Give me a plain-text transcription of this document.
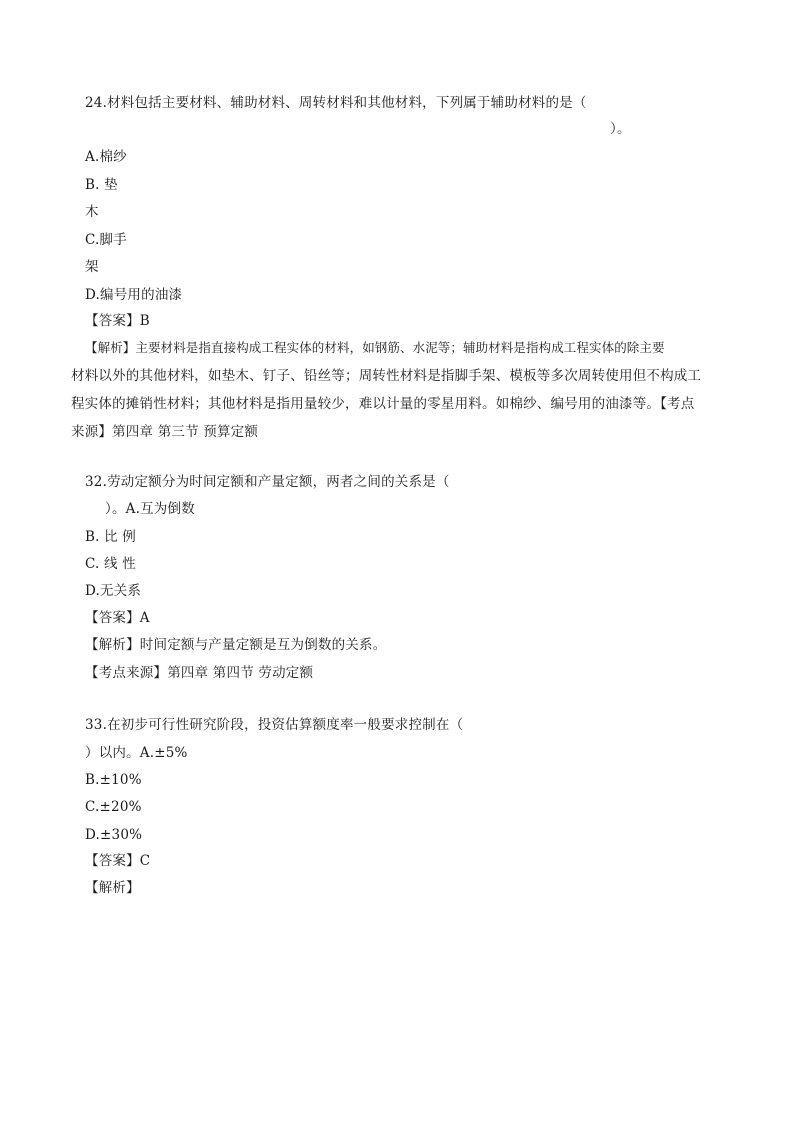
24.材料包括主要材料、辅助材料、周转材料和其他材料，下列属于辅助材料的是（
）。
A.棉纱
B. 垫
木
C.脚手
架
D.编号用的油漆
【答案】B
【解析】主要材料是指直接构成工程实体的材料，如钢筋、水泥等；辅助材料是指构成工程实体的除主要
材料以外的其他材料，如垫木、钉子、铅丝等；周转性材料是指脚手架、模板等多次周转使用但不构成工
程实体的摊销性材料；其他材料是指用量较少，难以计量的零星用料。如棉纱、编号用的油漆等。【考点
来源】第四章 第三节 预算定额
32.劳动定额分为时间定额和产量定额，两者之间的关系是（
）。A.互为倒数
B. 比 例
C. 线 性
D.无关系
【答案】A
【解析】时间定额与产量定额是互为倒数的关系。
【考点来源】第四章 第四节 劳动定额
33.在初步可行性研究阶段，投资估算额度率一般要求控制在（
）以内。A.±5%
B.±10%
C.±20%
D.±30%
【答案】C
【解析】
